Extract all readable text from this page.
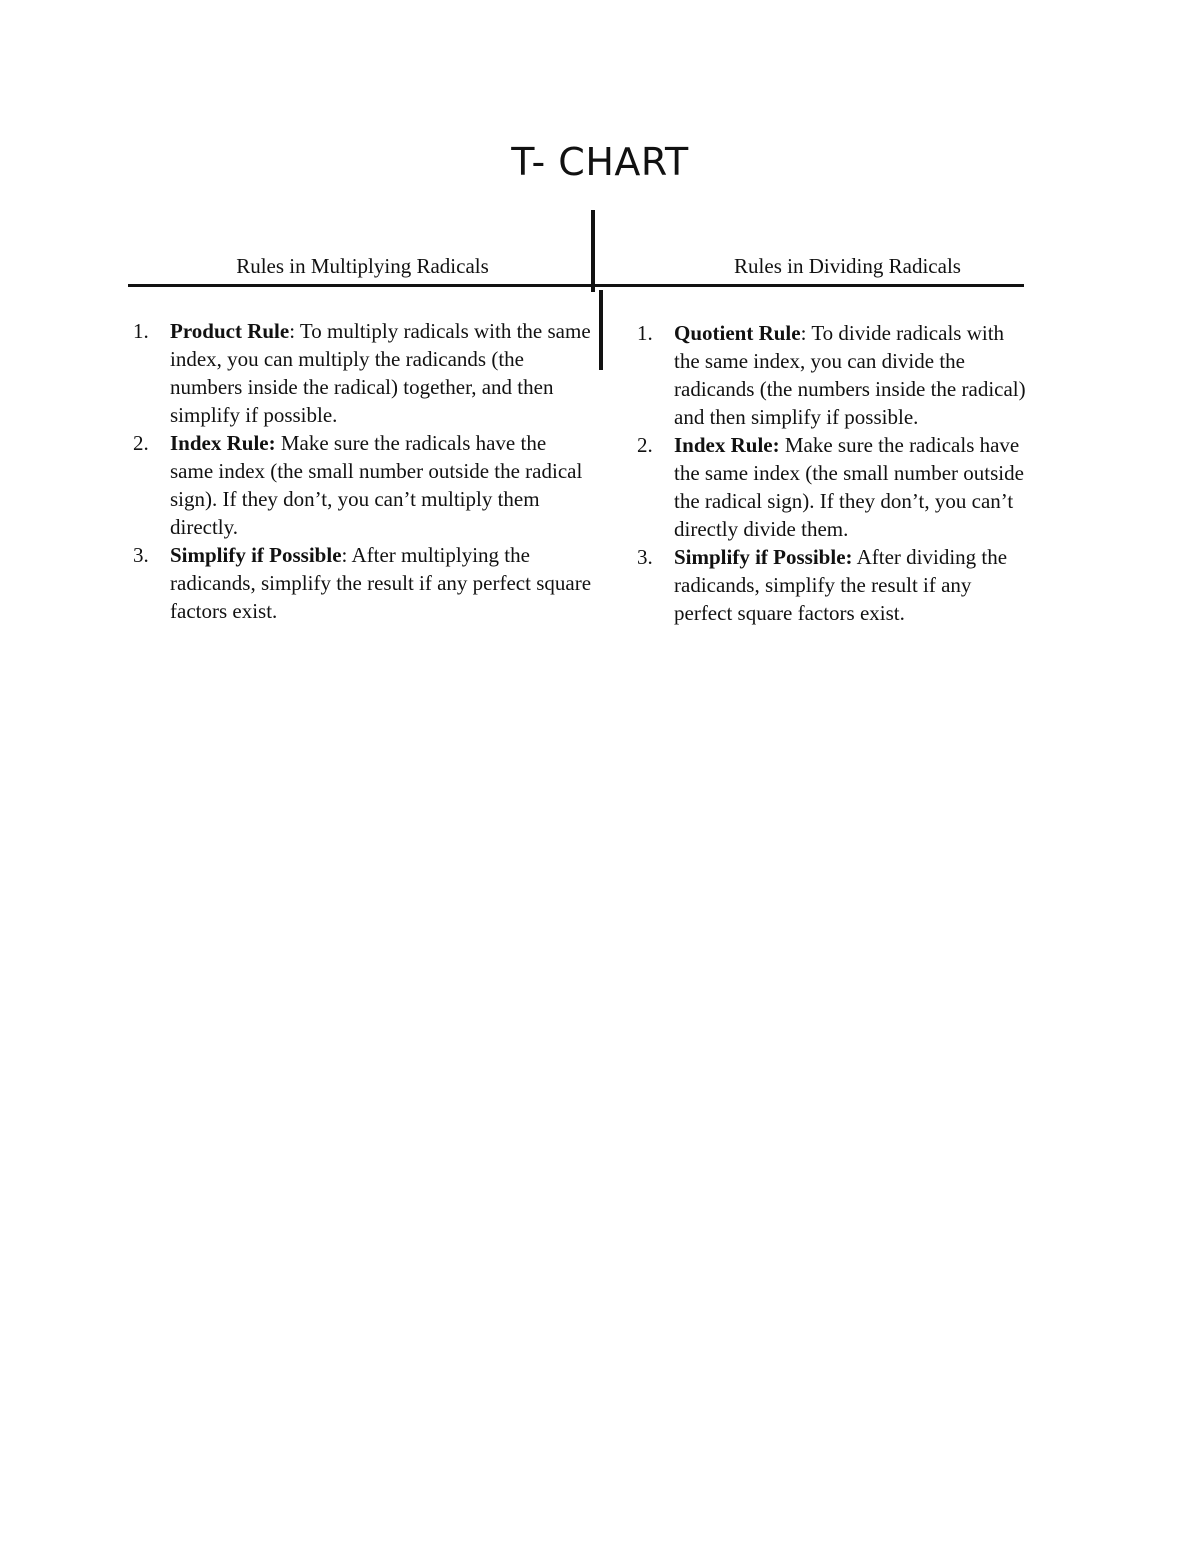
T- CHART
Rules in Multiplying Radicals	Rules in Dividing Radicals
1. Product Rule: To multiply radicals with the same index, you can multiply the radicands (the numbers inside the radical) together, and then simplify if possible.
2. Index Rule: Make sure the radicals have the same index (the small number outside the radical sign). If they don’t, you can’t multiply them directly.
3. Simplify if Possible: After multiplying the radicands, simplify the result if any perfect square factors exist.
1. Quotient Rule: To divide radicals with the same index, you can divide the radicands (the numbers inside the radical) and then simplify if possible.
2. Index Rule: Make sure the radicals have the same index (the small number outside the radical sign). If they don’t, you can’t directly divide them.
3. Simplify if Possible: After dividing the radicands, simplify the result if any perfect square factors exist.
